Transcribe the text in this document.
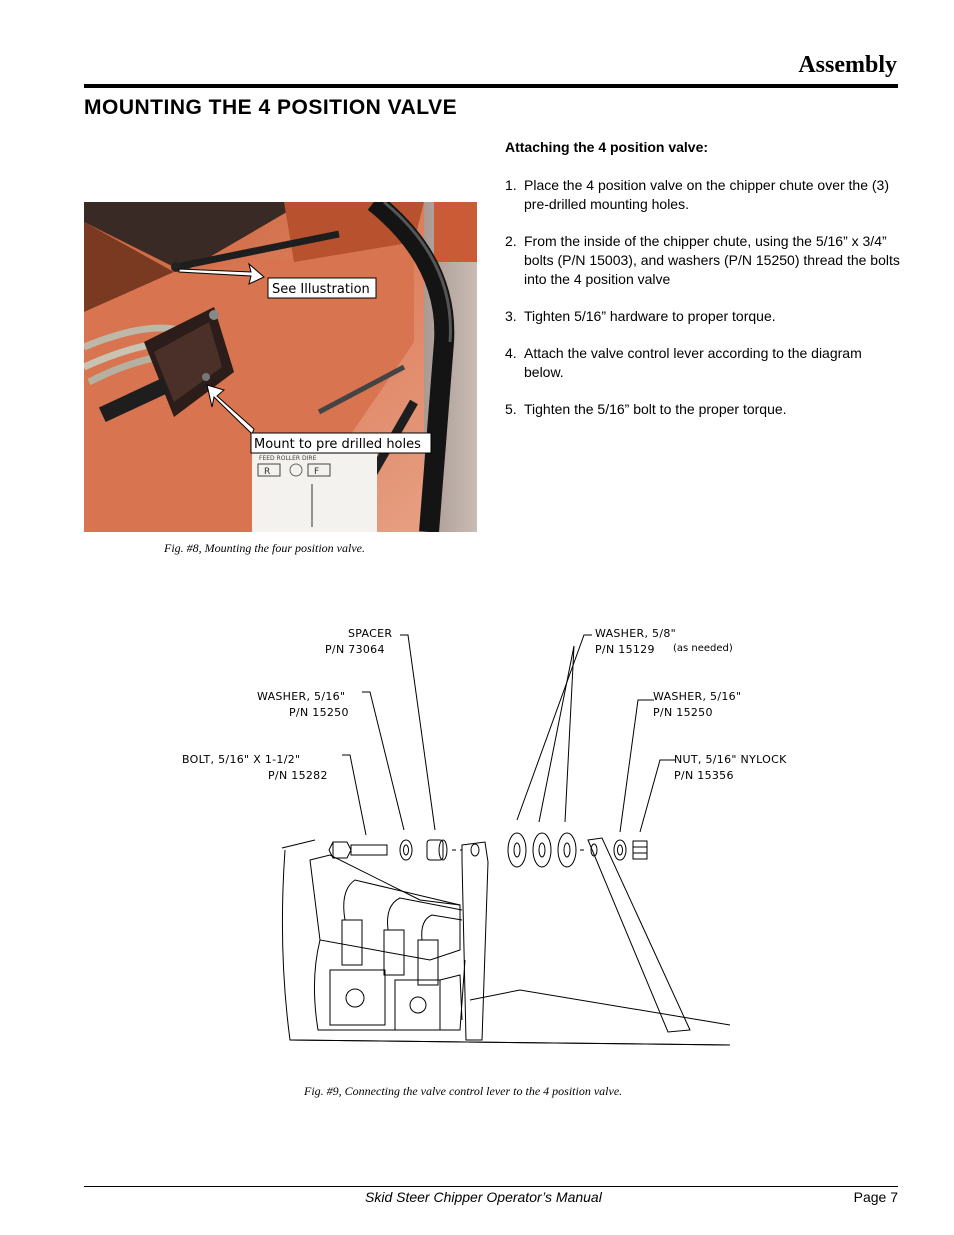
Assembly
MOUNTING THE 4 POSITION VALVE
Attaching the 4 position valve:
1. Place the 4 position valve on the chipper chute over the (3) pre-drilled mounting holes.
2. From the inside of the chipper chute, using the 5/16” x 3/4” bolts (P/N 15003), and washers (P/N 15250) thread the bolts into the 4 position valve
3. Tighten 5/16” hardware to proper torque.
4. Attach the valve control lever according to the diagram below.
5. Tighten the 5/16” bolt to the proper torque.
FEED ROLLER DIRE
R	F
See Illustration
Mount to pre drilled holes
Fig. #8, Mounting the four position valve.
SPACER
P/N 73064
WASHER, 5/16"
P/N 15250
BOLT, 5/16" X 1-1/2"
P/N 15282
WASHER, 5/8"
P/N 15129 (as needed)
WASHER, 5/16"
P/N 15250
NUT, 5/16" NYLOCK
P/N 15356
Fig. #9, Connecting the valve control lever to the 4 position valve.
Skid Steer Chipper Operator’s Manual	Page 7
